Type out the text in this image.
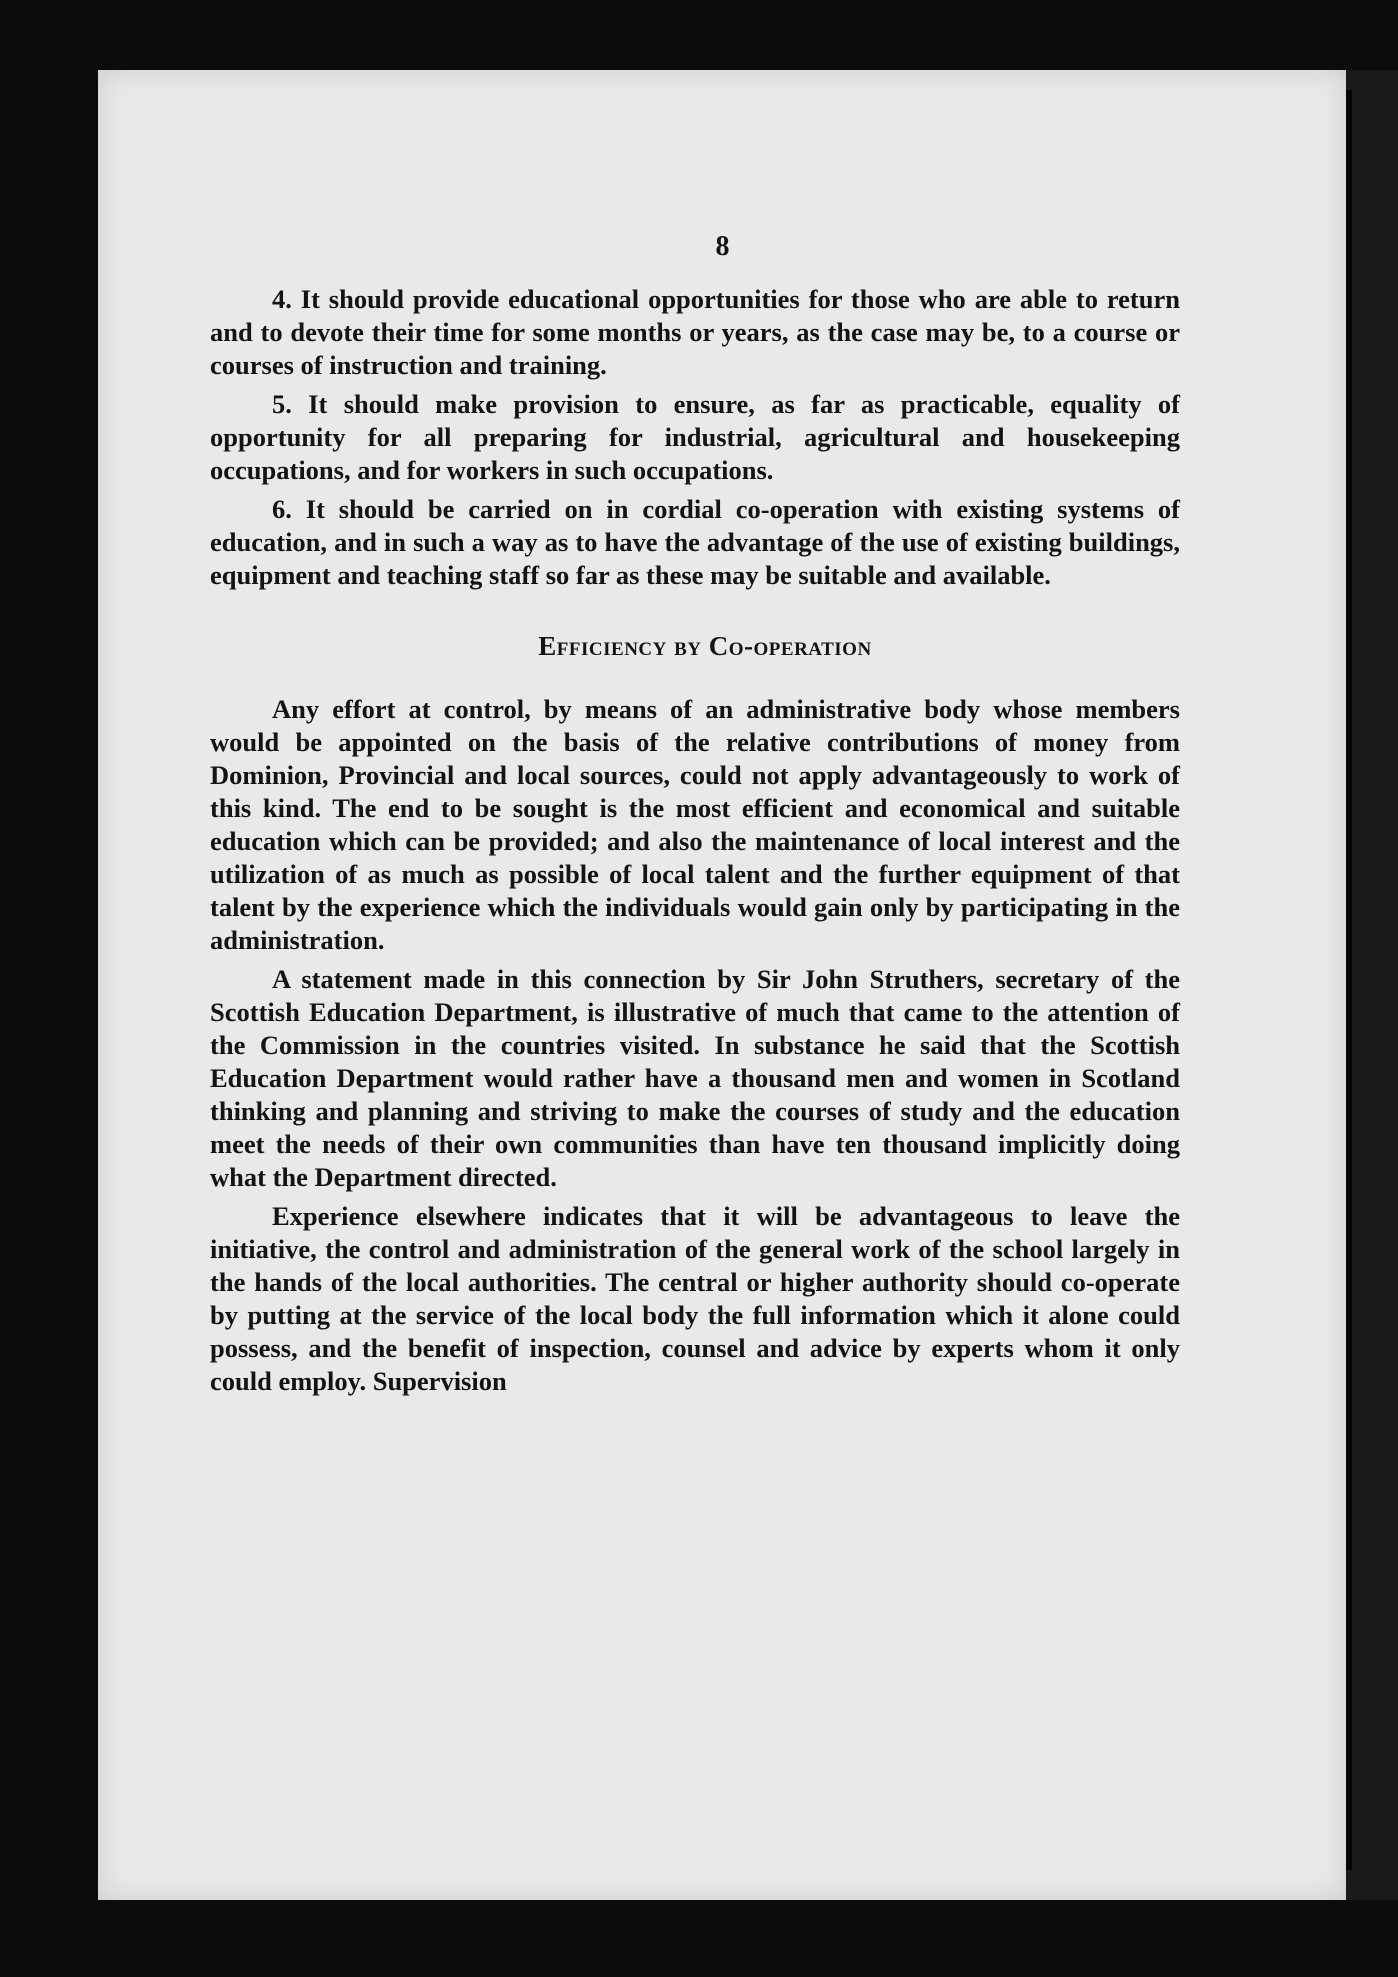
8

4. It should provide educational opportunities for those who are able to return and to devote their time for some months or years, as the case may be, to a course or courses of instruction and training.

5. It should make provision to ensure, as far as practicable, equality of opportunity for all preparing for industrial, agricultural and housekeeping occupations, and for workers in such occupations.

6. It should be carried on in cordial co-operation with existing systems of education, and in such a way as to have the advantage of the use of existing buildings, equipment and teaching staff so far as these may be suitable and available.

Efficiency by Co-operation

Any effort at control, by means of an administrative body whose members would be appointed on the basis of the relative contributions of money from Dominion, Provincial and local sources, could not apply advantageously to work of this kind. The end to be sought is the most efficient and economical and suitable education which can be provided; and also the maintenance of local interest and the utilization of as much as possible of local talent and the further equipment of that talent by the experience which the individuals would gain only by participating in the administration.

A statement made in this connection by Sir John Struthers, secretary of the Scottish Education Department, is illustrative of much that came to the attention of the Commission in the countries visited. In substance he said that the Scottish Education Department would rather have a thousand men and women in Scotland thinking and planning and striving to make the courses of study and the education meet the needs of their own communities than have ten thousand implicitly doing what the Department directed.

Experience elsewhere indicates that it will be advantageous to leave the initiative, the control and administration of the general work of the school largely in the hands of the local authorities. The central or higher authority should co-operate by putting at the service of the local body the full information which it alone could possess, and the benefit of inspection, counsel and advice by experts whom it only could employ. Supervision
